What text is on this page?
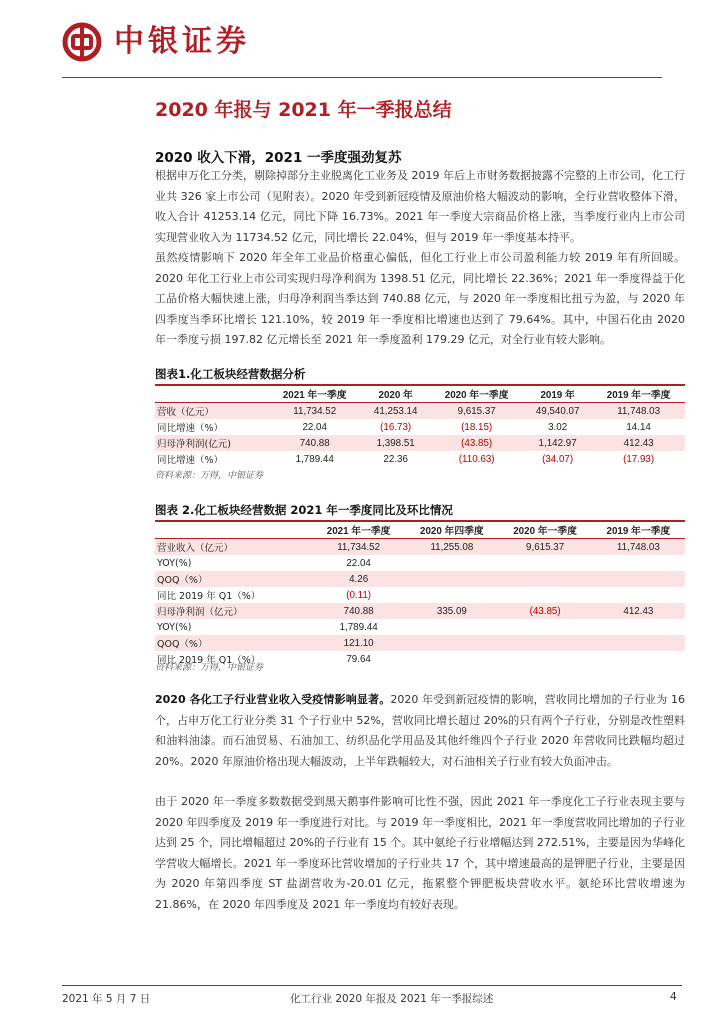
中银证券
2020 年报与 2021 年一季报总结
2020 收入下滑，2021 一季度强劲复苏

根据申万化工分类，剔除掉部分主业脱离化工业务及 2019 年后上市财务数据披露不完整的上市公司，化工行业共 326 家上市公司（见附表）。2020 年受到新冠疫情及原油价格大幅波动的影响，全行业营收整体下滑，收入合计 41253.14 亿元，同比下降 16.73%。2021 年一季度大宗商品价格上涨，当季度行业内上市公司实现营业收入为 11734.52 亿元，同比增长 22.04%，但与 2019 年一季度基本持平。

虽然疫情影响下 2020 年全年工业品价格重心偏低，但化工行业上市公司盈利能力较 2019 年有所回暖。2020 年化工行业上市公司实现归母净利润为 1398.51 亿元，同比增长 22.36%；2021 年一季度得益于化工品价格大幅快速上涨，归母净利润当季达到 740.88 亿元，与 2020 年一季度相比扭亏为盈，与 2020 年四季度当季环比增长 121.10%，较 2019 年一季度相比增速也达到了 79.64%。其中，中国石化由 2020 年一季度亏损 197.82 亿元增长至 2021 年一季度盈利 179.29 亿元，对全行业有较大影响。

图表1.化工板块经营数据分析
	2021 年一季度	2020 年	2020 年一季度	2019 年	2019 年一季度
营收（亿元）	11,734.52	41,253.14	9,615.37	49,540.07	11,748.03
同比增速（%）	22.04	(16.73)	(18.15)	3.02	14.14
归母净利润(亿元)	740.88	1,398.51	(43.85)	1,142.97	412.43
同比增速（%）	1,789.44	22.36	(110.63)	(34.07)	(17.93)
资料来源：万得，中银证券
图表 2.化工板块经营数据 2021 年一季度同比及环比情况
	2021 年一季度	2020 年四季度	2020 年一季度	2019 年一季度
营业收入（亿元）	11,734.52	11,255.08	9,615.37	11,748.03
YOY(%)	22.04			
QOQ（%）	4.26			
同比 2019 年 Q1（%）	(0.11)			
归母净利润（亿元）	740.88	335.09	(43.85)	412.43
YOY(%)	1,789.44			
QOQ（%）	121.10			
同比 2019 年 Q1（%）	79.64			
资料来源：万得，中银证券

2020 各化工子行业营业收入受疫情影响显著。2020 年受到新冠疫情的影响，营收同比增加的子行业为 16 个，占申万化工行业分类 31 个子行业中 52%，营收同比增长超过 20%的只有两个子行业，分别是改性塑料和油料油漆。而石油贸易、石油加工、纺织品化学用品及其他纤维四个子行业 2020 年营收同比跌幅均超过 20%。2020 年原油价格出现大幅波动，上半年跌幅较大，对石油相关子行业有较大负面冲击。

由于 2020 年一季度多数数据受到黑天鹅事件影响可比性不强，因此 2021 年一季度化工子行业表现主要与 2020 年四季度及 2019 年一季度进行对比。与 2019 年一季度相比，2021 年一季度营收同比增加的子行业达到 25 个，同比增幅超过 20%的子行业有 15 个。其中氨纶子行业增幅达到 272.51%，主要是因为华峰化学营收大幅增长。2021 年一季度环比营收增加的子行业共 17 个，其中增速最高的是钾肥子行业，主要是因为 2020 年第四季度 ST 盐湖营收为-20.01 亿元，拖累整个钾肥板块营收水平。氨纶环比营收增速为 21.86%，在 2020 年四季度及 2021 年一季度均有较好表现。

2021 年 5 月 7 日	化工行业 2020 年报及 2021 年一季报综述	4
